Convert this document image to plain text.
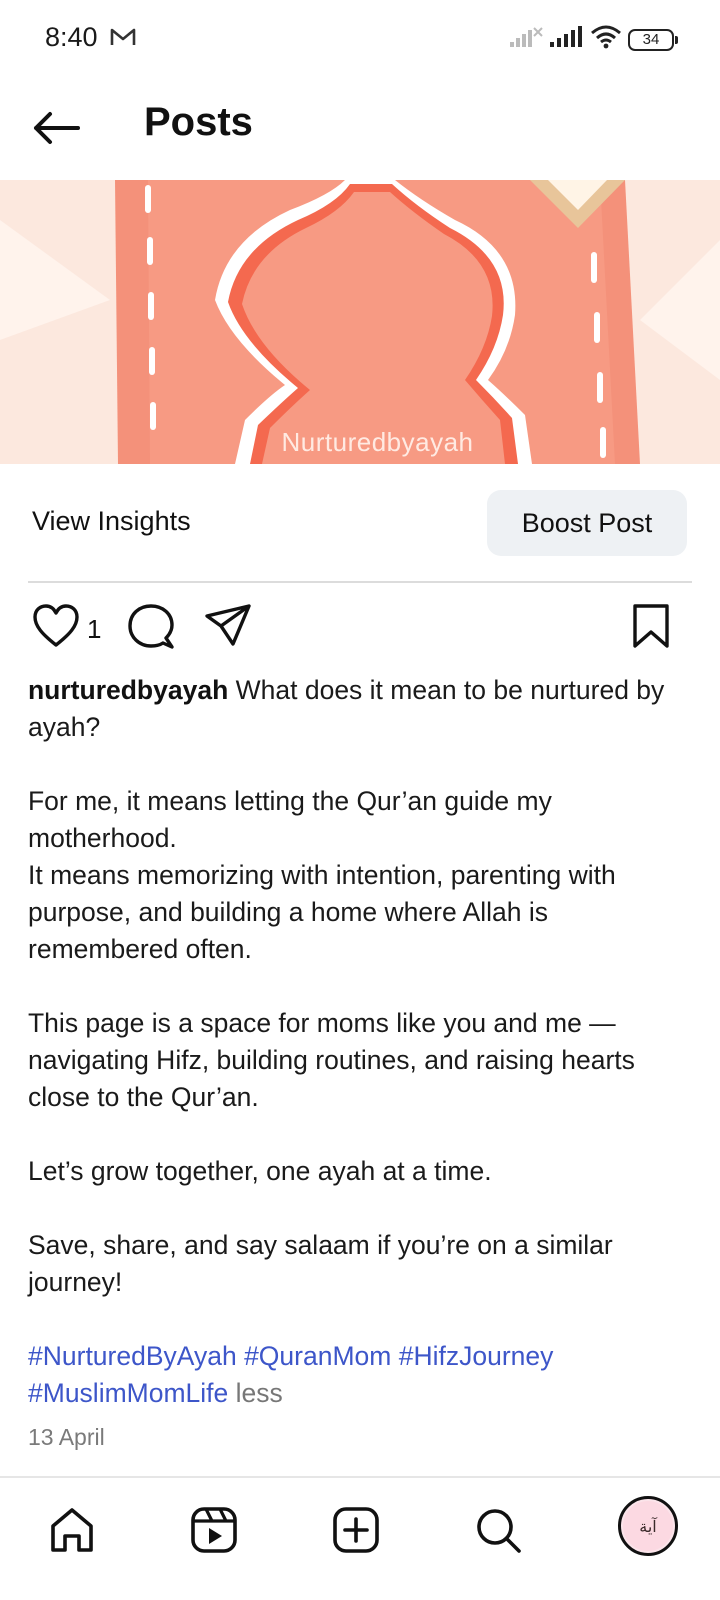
8:40	34
Posts
Nurturedbyayah
View Insights	Boost Post
1

nurturedbyayah What does it mean to be nurtured by ayah?

For me, it means letting the Qur’an guide my motherhood.

It means memorizing with intention, parenting with purpose, and building a home where Allah is remembered often.

This page is a space for moms like you and me — navigating Hifz, building routines, and raising hearts close to the Qur’an.

Let’s grow together, one ayah at a time.

Save, share, and say salaam if you’re on a similar journey!

#NurturedByAyah #QuranMom #HifzJourney #MuslimMomLife less

13 April
آية
